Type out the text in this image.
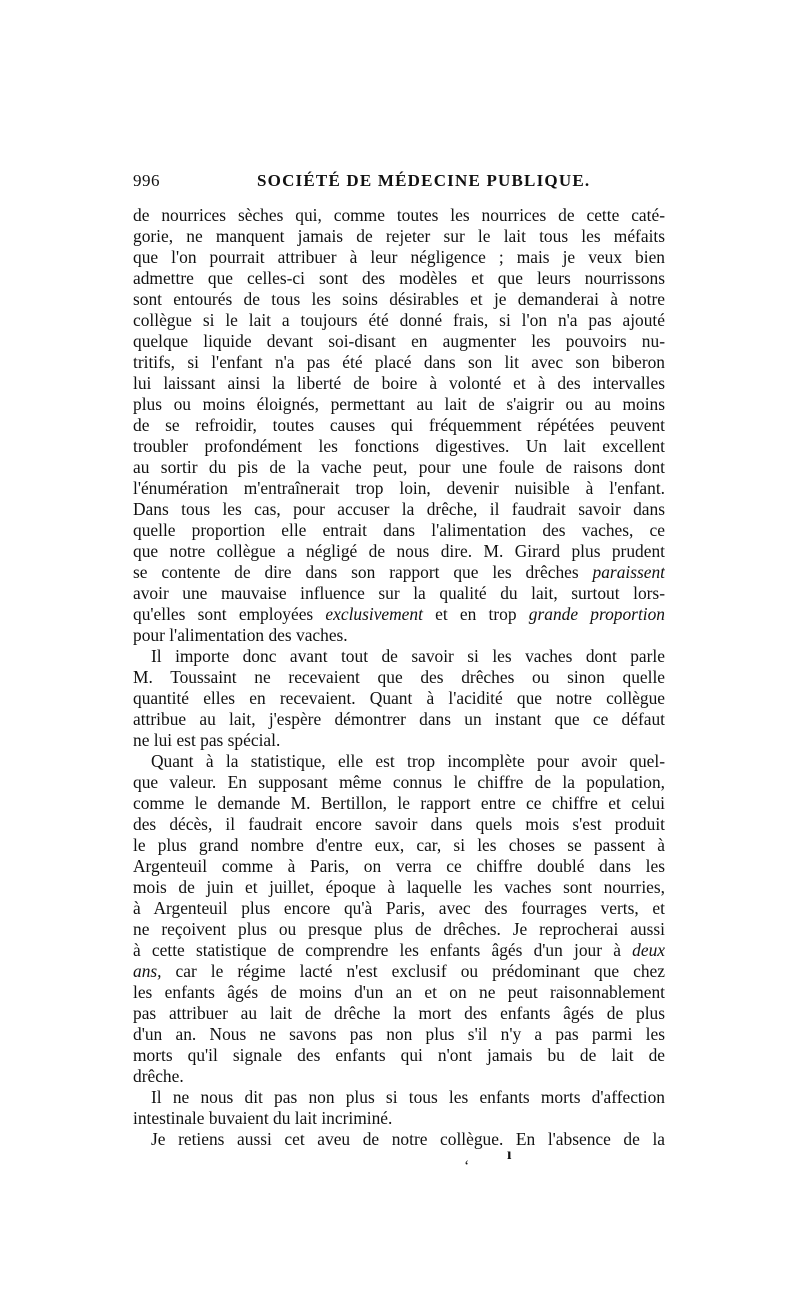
996	SOCIÉTÉ DE MÉDECINE PUBLIQUE.
de nourrices sèches qui, comme toutes les nourrices de cette caté-
gorie, ne manquent jamais de rejeter sur le lait tous les méfaits
que l'on pourrait attribuer à leur négligence ; mais je veux bien
admettre que celles-ci sont des modèles et que leurs nourrissons
sont entourés de tous les soins désirables et je demanderai à notre
collègue si le lait a toujours été donné frais, si l'on n'a pas ajouté
quelque liquide devant soi-disant en augmenter les pouvoirs nu-
tritifs, si l'enfant n'a pas été placé dans son lit avec son biberon
lui laissant ainsi la liberté de boire à volonté et à des intervalles
plus ou moins éloignés, permettant au lait de s'aigrir ou au moins
de se refroidir, toutes causes qui fréquemment répétées peuvent
troubler profondément les fonctions digestives. Un lait excellent
au sortir du pis de la vache peut, pour une foule de raisons dont
l'énumération m'entraînerait trop loin, devenir nuisible à l'enfant.
Dans tous les cas, pour accuser la drêche, il faudrait savoir dans
quelle proportion elle entrait dans l'alimentation des vaches, ce
que notre collègue a négligé de nous dire. M. Girard plus prudent
se contente de dire dans son rapport que les drêches paraissent
avoir une mauvaise influence sur la qualité du lait, surtout lors-
qu'elles sont employées exclusivement et en trop grande proportion
pour l'alimentation des vaches.
Il importe donc avant tout de savoir si les vaches dont parle
M. Toussaint ne recevaient que des drêches ou sinon quelle
quantité elles en recevaient. Quant à l'acidité que notre collègue
attribue au lait, j'espère démontrer dans un instant que ce défaut
ne lui est pas spécial.
Quant à la statistique, elle est trop incomplète pour avoir quel-
que valeur. En supposant même connus le chiffre de la population,
comme le demande M. Bertillon, le rapport entre ce chiffre et celui
des décès, il faudrait encore savoir dans quels mois s'est produit
le plus grand nombre d'entre eux, car, si les choses se passent à
Argenteuil comme à Paris, on verra ce chiffre doublé dans les
mois de juin et juillet, époque à laquelle les vaches sont nourries,
à Argenteuil plus encore qu'à Paris, avec des fourrages verts, et
ne reçoivent plus ou presque plus de drêches. Je reprocherai aussi
à cette statistique de comprendre les enfants âgés d'un jour à deux
ans, car le régime lacté n'est exclusif ou prédominant que chez
les enfants âgés de moins d'un an et on ne peut raisonnablement
pas attribuer au lait de drêche la mort des enfants âgés de plus
d'un an. Nous ne savons pas non plus s'il n'y a pas parmi les
morts qu'il signale des enfants qui n'ont jamais bu de lait de
drêche.
Il ne nous dit pas non plus si tous les enfants morts d'affection
intestinale buvaient du lait incriminé.
Je retiens aussi cet aveu de notre collègue. En l'absence de la
ʻ
ı
